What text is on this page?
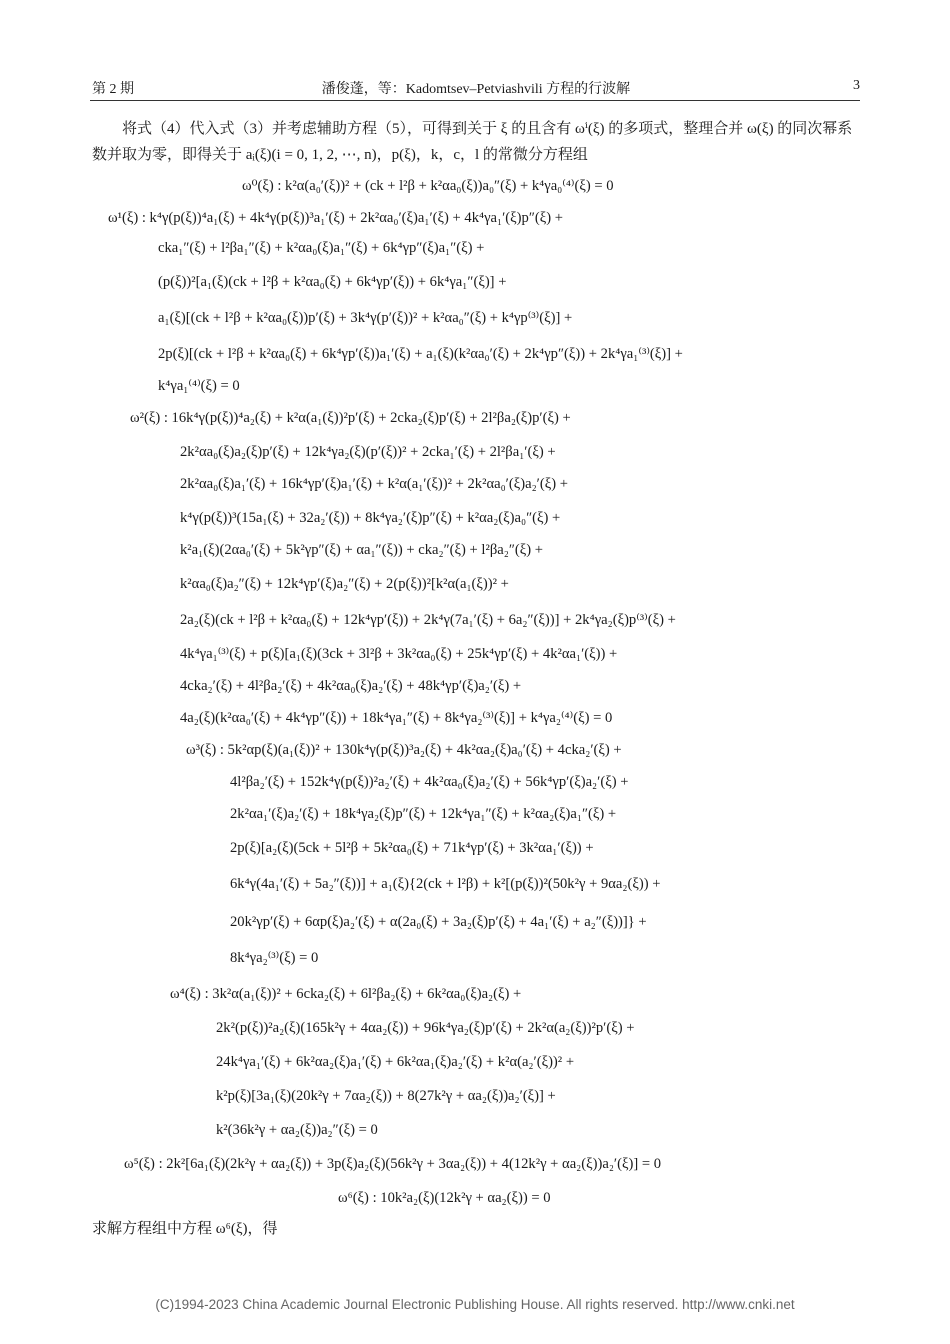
第 2 期	潘俊蓬，等：Kadomtsev–Petviashvili 方程的行波解	3
将式（4）代入式（3）并考虑辅助方程（5），可得到关于 ξ 的且含有 ωⁱ(ξ) 的多项式，整理合并 ω(ξ) 的同次幂系数并取为零，即得关于 aᵢ(ξ)(i = 0, 1, 2, ⋯, n)，p(ξ)，k，c，l 的常微分方程组
ω⁰(ξ) : k²α(a₀′(ξ))² + (ck + l²β + k²αa₀(ξ))a₀″(ξ) + k⁴γa₀⁽⁴⁾(ξ) = 0
ω¹(ξ) : k⁴γ(p(ξ))⁴a₁(ξ) + 4k⁴γ(p(ξ))³a₁′(ξ) + 2k²αa₀′(ξ)a₁′(ξ) + 4k⁴γa₁′(ξ)p″(ξ) +
cka₁″(ξ) + l²βa₁″(ξ) + k²αa₀(ξ)a₁″(ξ) + 6k⁴γp″(ξ)a₁″(ξ) +
(p(ξ))²[a₁(ξ)(ck + l²β + k²αa₀(ξ) + 6k⁴γp′(ξ)) + 6k⁴γa₁″(ξ)] +
a₁(ξ)[(ck + l²β + k²αa₀(ξ))p′(ξ) + 3k⁴γ(p′(ξ))² + k²αa₀″(ξ) + k⁴γp⁽³⁾(ξ)] +
2p(ξ)[(ck + l²β + k²αa₀(ξ) + 6k⁴γp′(ξ))a₁′(ξ) + a₁(ξ)(k²αa₀′(ξ) + 2k⁴γp″(ξ)) + 2k⁴γa₁⁽³⁾(ξ)] +
k⁴γa₁⁽⁴⁾(ξ) = 0
ω²(ξ) : 16k⁴γ(p(ξ))⁴a₂(ξ) + k²α(a₁(ξ))²p′(ξ) + 2cka₂(ξ)p′(ξ) + 2l²βa₂(ξ)p′(ξ) +
2k²αa₀(ξ)a₂(ξ)p′(ξ) + 12k⁴γa₂(ξ)(p′(ξ))² + 2cka₁′(ξ) + 2l²βa₁′(ξ) +
2k²αa₀(ξ)a₁′(ξ) + 16k⁴γp′(ξ)a₁′(ξ) + k²α(a₁′(ξ))² + 2k²αa₀′(ξ)a₂′(ξ) +
k⁴γ(p(ξ))³(15a₁(ξ) + 32a₂′(ξ)) + 8k⁴γa₂′(ξ)p″(ξ) + k²αa₂(ξ)a₀″(ξ) +
k²a₁(ξ)(2αa₀′(ξ) + 5k²γp″(ξ) + αa₁″(ξ)) + cka₂″(ξ) + l²βa₂″(ξ) +
k²αa₀(ξ)a₂″(ξ) + 12k⁴γp′(ξ)a₂″(ξ) + 2(p(ξ))²[k²α(a₁(ξ))² +
2a₂(ξ)(ck + l²β + k²αa₀(ξ) + 12k⁴γp′(ξ)) + 2k⁴γ(7a₁′(ξ) + 6a₂″(ξ))] + 2k⁴γa₂(ξ)p⁽³⁾(ξ) +
4k⁴γa₁⁽³⁾(ξ) + p(ξ)[a₁(ξ)(3ck + 3l²β + 3k²αa₀(ξ) + 25k⁴γp′(ξ) + 4k²αa₁′(ξ)) +
4cka₂′(ξ) + 4l²βa₂′(ξ) + 4k²αa₀(ξ)a₂′(ξ) + 48k⁴γp′(ξ)a₂′(ξ) +
4a₂(ξ)(k²αa₀′(ξ) + 4k⁴γp″(ξ)) + 18k⁴γa₁″(ξ) + 8k⁴γa₂⁽³⁾(ξ)] + k⁴γa₂⁽⁴⁾(ξ) = 0
ω³(ξ) : 5k²αp(ξ)(a₁(ξ))² + 130k⁴γ(p(ξ))³a₂(ξ) + 4k²αa₂(ξ)a₀′(ξ) + 4cka₂′(ξ) +
4l²βa₂′(ξ) + 152k⁴γ(p(ξ))²a₂′(ξ) + 4k²αa₀(ξ)a₂′(ξ) + 56k⁴γp′(ξ)a₂′(ξ) +
2k²αa₁′(ξ)a₂′(ξ) + 18k⁴γa₂(ξ)p″(ξ) + 12k⁴γa₁″(ξ) + k²αa₂(ξ)a₁″(ξ) +
2p(ξ)[a₂(ξ)(5ck + 5l²β + 5k²αa₀(ξ) + 71k⁴γp′(ξ) + 3k²αa₁′(ξ)) +
6k⁴γ(4a₁′(ξ) + 5a₂″(ξ))] + a₁(ξ){2(ck + l²β) + k²[(p(ξ))²(50k²γ + 9αa₂(ξ)) +
20k²γp′(ξ) + 6αp(ξ)a₂′(ξ) + α(2a₀(ξ) + 3a₂(ξ)p′(ξ) + 4a₁′(ξ) + a₂″(ξ))]} +
8k⁴γa₂⁽³⁾(ξ) = 0
ω⁴(ξ) : 3k²α(a₁(ξ))² + 6cka₂(ξ) + 6l²βa₂(ξ) + 6k²αa₀(ξ)a₂(ξ) +
2k²(p(ξ))²a₂(ξ)(165k²γ + 4αa₂(ξ)) + 96k⁴γa₂(ξ)p′(ξ) + 2k²α(a₂(ξ))²p′(ξ) +
24k⁴γa₁′(ξ) + 6k²αa₂(ξ)a₁′(ξ) + 6k²αa₁(ξ)a₂′(ξ) + k²α(a₂′(ξ))² +
k²p(ξ)[3a₁(ξ)(20k²γ + 7αa₂(ξ)) + 8(27k²γ + αa₂(ξ))a₂′(ξ)] +
k²(36k²γ + αa₂(ξ))a₂″(ξ) = 0
ω⁵(ξ) : 2k²[6a₁(ξ)(2k²γ + αa₂(ξ)) + 3p(ξ)a₂(ξ)(56k²γ + 3αa₂(ξ)) + 4(12k²γ + αa₂(ξ))a₂′(ξ)] = 0
ω⁶(ξ) : 10k²a₂(ξ)(12k²γ + αa₂(ξ)) = 0
求解方程组中方程 ω⁶(ξ)，得
(C)1994-2023 China Academic Journal Electronic Publishing House. All rights reserved. http://www.cnki.net
